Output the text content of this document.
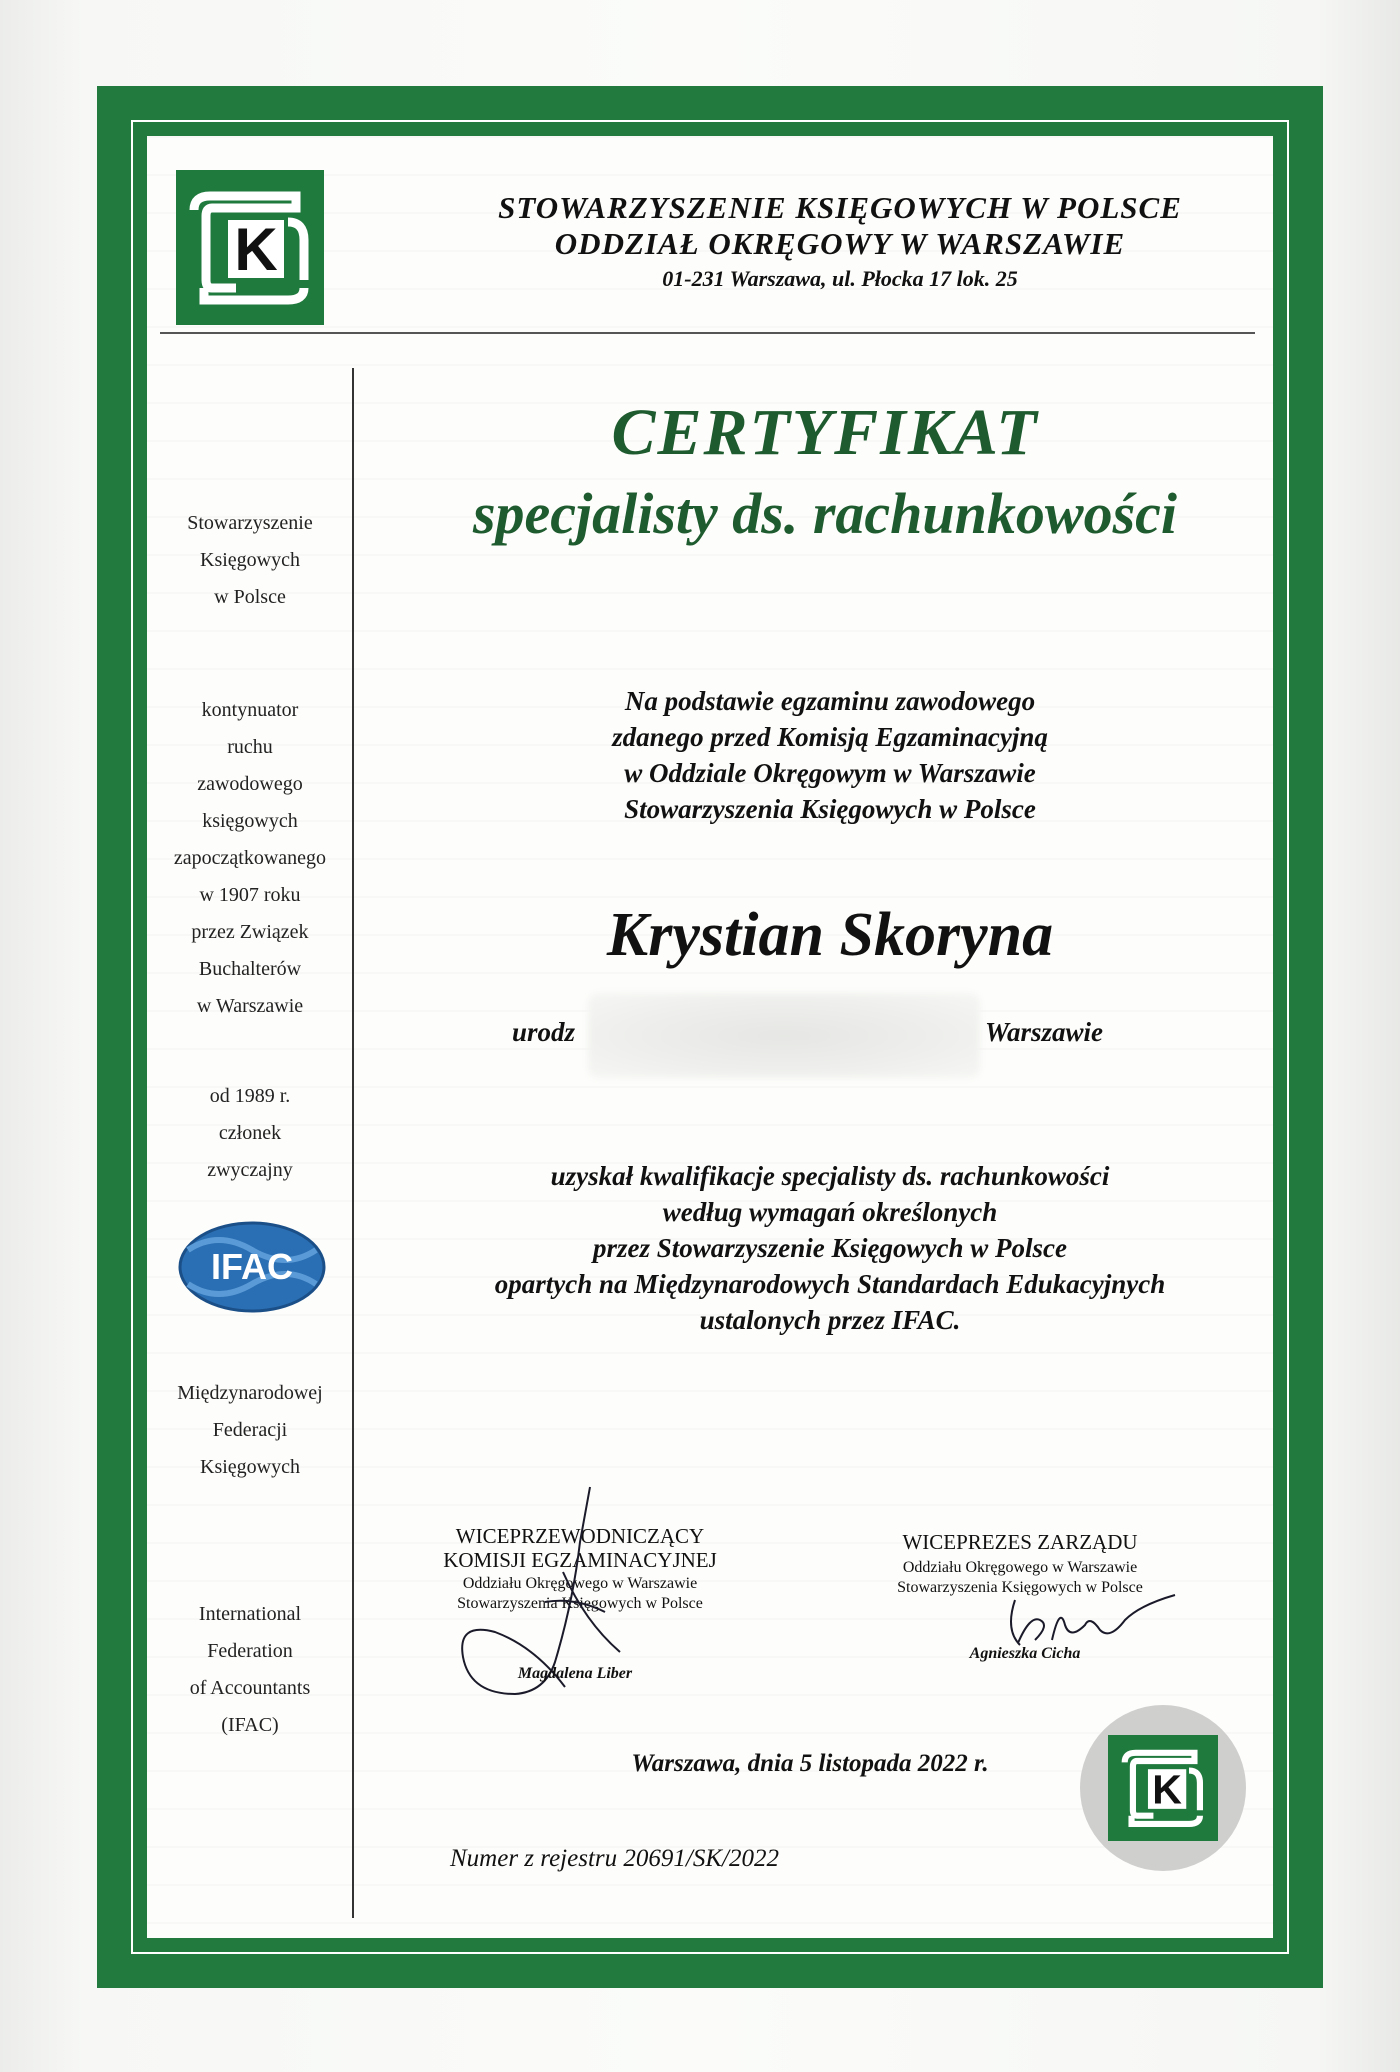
K
STOWARZYSZENIE KSIĘGOWYCH W POLSCE
ODDZIAŁ OKRĘGOWY W WARSZAWIE
01-231 Warszawa, ul. Płocka 17 lok. 25
Stowarzyszenie
Księgowych
w Polsce
kontynuator
ruchu
zawodowego
księgowych
zapoczątkowanego
w 1907 roku
przez Związek
Buchalterów
w Warszawie
od 1989 r.
członek
zwyczajny
IFAC
Międzynarodowej
Federacji
Księgowych
International
Federation
of Accountants
(IFAC)
CERTYFIKAT
specjalisty ds. rachunkowości
Na podstawie egzaminu zawodowego
zdanego przed Komisją Egzaminacyjną
w Oddziale Okręgowym w Warszawie
Stowarzyszenia Księgowych w Polsce
Krystian Skoryna
urodz	Warszawie
uzyskał kwalifikacje specjalisty ds. rachunkowości
według wymagań określonych
przez Stowarzyszenie Księgowych w Polsce
opartych na Międzynarodowych Standardach Edukacyjnych
ustalonych przez IFAC.
WICEPRZEWODNICZĄCY
KOMISJI EGZAMINACYJNEJ
Oddziału Okręgowego w Warszawie
Stowarzyszenia Księgowych w Polsce
Magdalena Liber
WICEPREZES ZARZĄDU
Oddziału Okręgowego w Warszawie
Stowarzyszenia Księgowych w Polsce
Agnieszka Cicha
Warszawa, dnia 5 listopada 2022 r.
Numer z rejestru 20691/SK/2022
K
